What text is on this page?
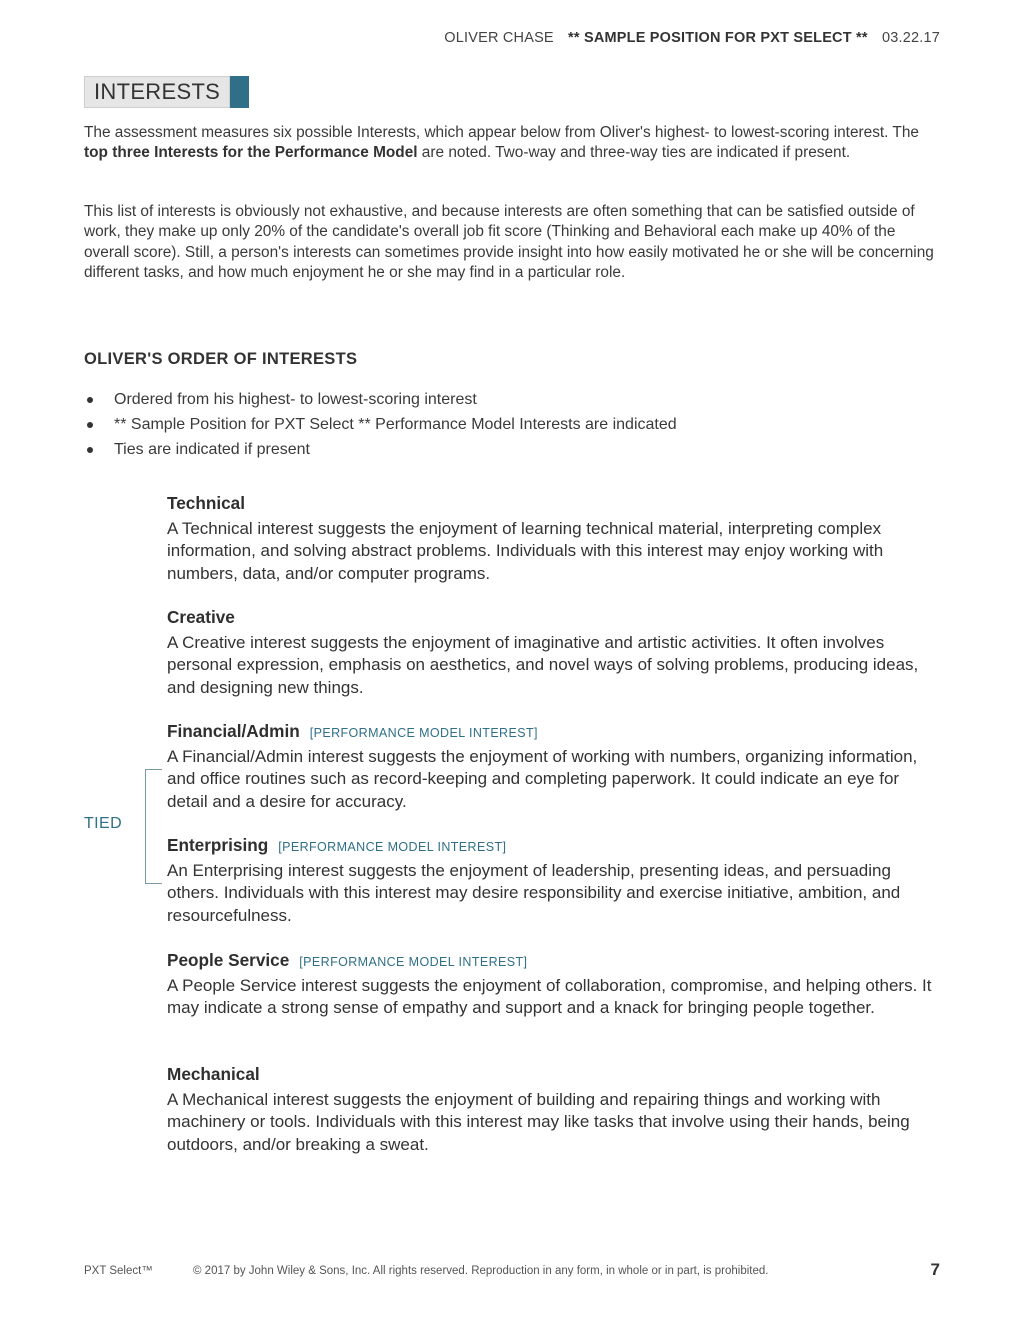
OLIVER CHASE ** SAMPLE POSITION FOR PXT SELECT ** 03.22.17
INTERESTS

The assessment measures six possible Interests, which appear below from Oliver's highest- to lowest-scoring interest. The top three Interests for the Performance Model are noted. Two-way and three-way ties are indicated if present.

This list of interests is obviously not exhaustive, and because interests are often something that can be satisfied outside of work, they make up only 20% of the candidate's overall job fit score (Thinking and Behavioral each make up 40% of the overall score). Still, a person's interests can sometimes provide insight into how easily motivated he or she will be concerning different tasks, and how much enjoyment he or she may find in a particular role.

OLIVER'S ORDER OF INTERESTS
Ordered from his highest- to lowest-scoring interest
** Sample Position for PXT Select ** Performance Model Interests are indicated
Ties are indicated if present
TIED
Technical

A Technical interest suggests the enjoyment of learning technical material, interpreting complex information, and solving abstract problems. Individuals with this interest may enjoy working with numbers, data, and/or computer programs.

Creative

A Creative interest suggests the enjoyment of imaginative and artistic activities. It often involves personal expression, emphasis on aesthetics, and novel ways of solving problems, producing ideas, and designing new things.

Financial/Admin [PERFORMANCE MODEL INTEREST]

A Financial/Admin interest suggests the enjoyment of working with numbers, organizing information, and office routines such as record-keeping and completing paperwork. It could indicate an eye for detail and a desire for accuracy.

Enterprising [PERFORMANCE MODEL INTEREST]

An Enterprising interest suggests the enjoyment of leadership, presenting ideas, and persuading others. Individuals with this interest may desire responsibility and exercise initiative, ambition, and resourcefulness.

People Service [PERFORMANCE MODEL INTEREST]

A People Service interest suggests the enjoyment of collaboration, compromise, and helping others. It may indicate a strong sense of empathy and support and a knack for bringing people together.

Mechanical

A Mechanical interest suggests the enjoyment of building and repairing things and working with machinery or tools. Individuals with this interest may like tasks that involve using their hands, being outdoors, and/or breaking a sweat.

PXT Select™	© 2017 by John Wiley & Sons, Inc. All rights reserved. Reproduction in any form, in whole or in part, is prohibited.	7
